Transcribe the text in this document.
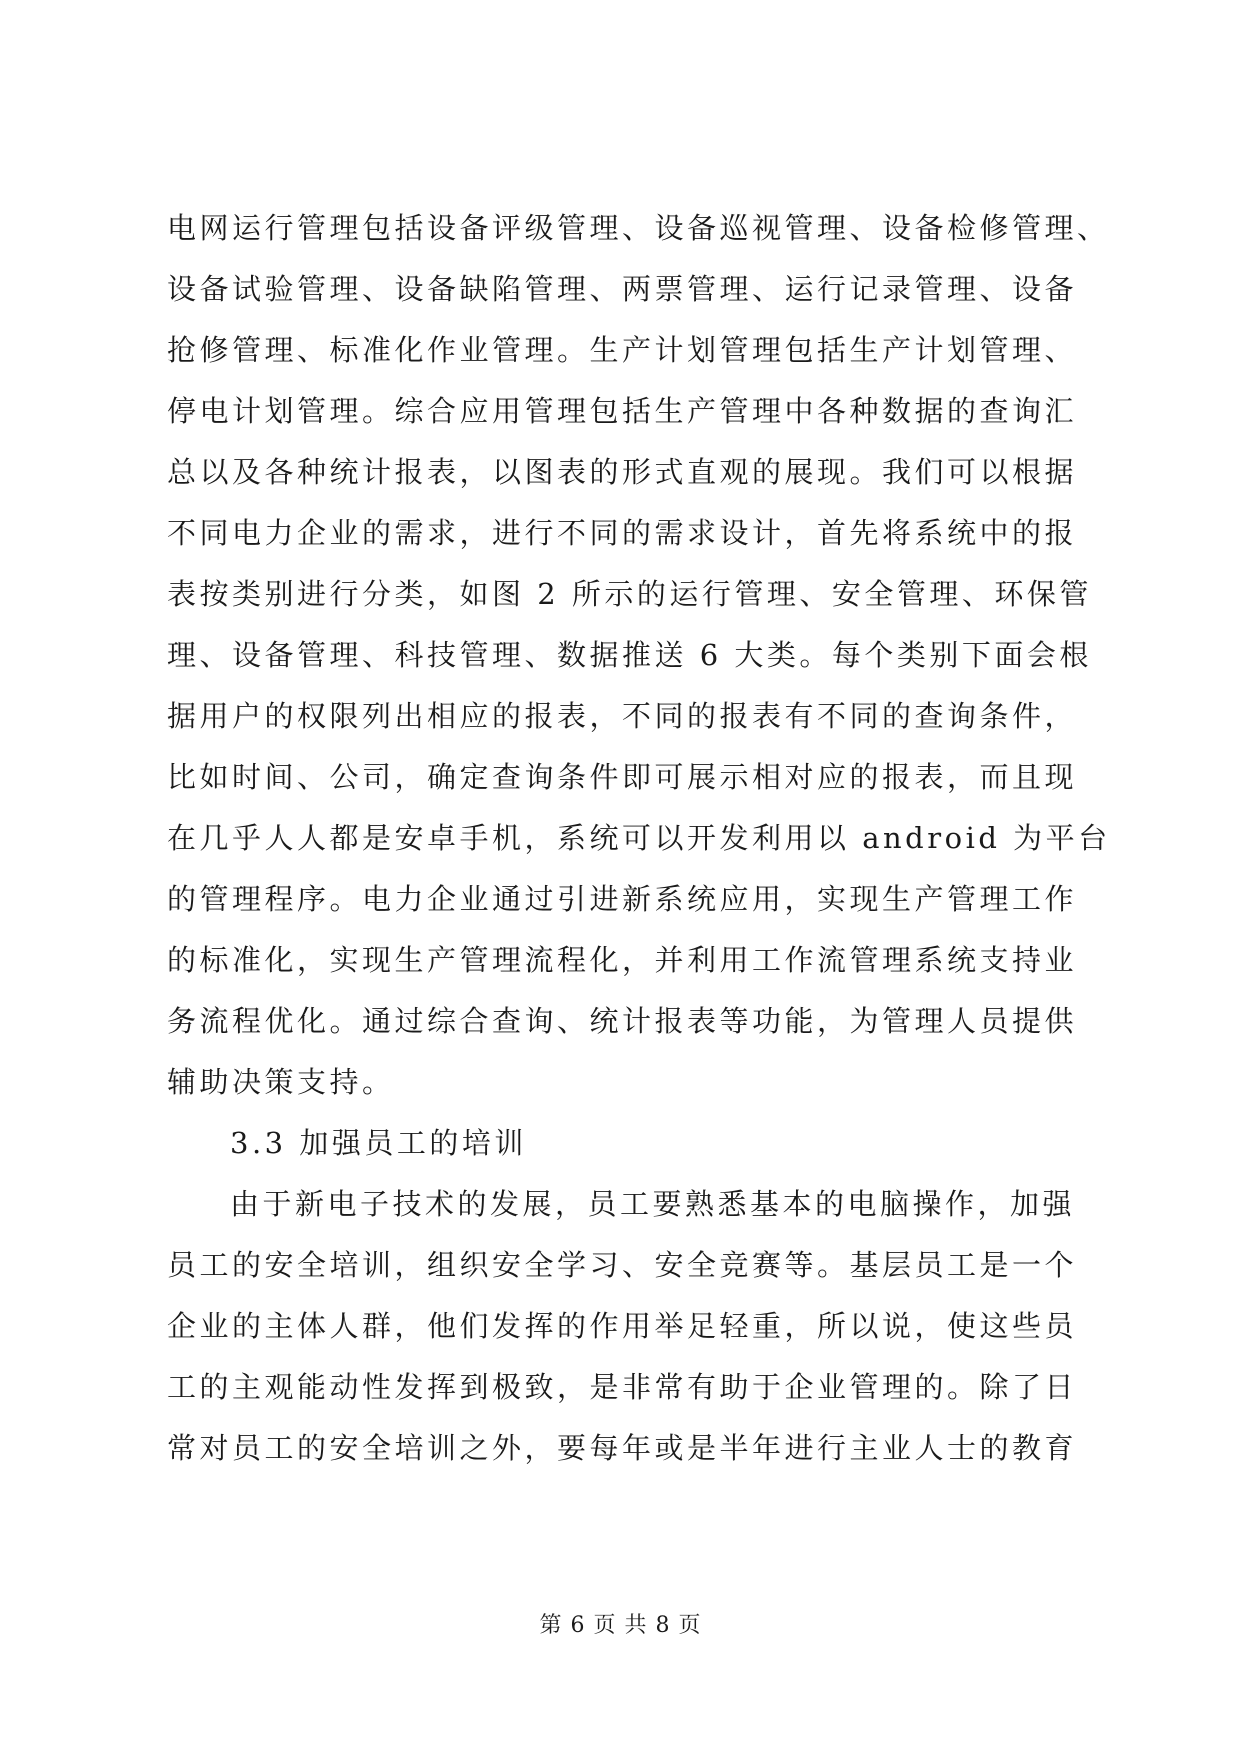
电网运行管理包括设备评级管理、设备巡视管理、设备检修管理、
设备试验管理、设备缺陷管理、两票管理、运行记录管理、设备
抢修管理、标准化作业管理。生产计划管理包括生产计划管理、
停电计划管理。综合应用管理包括生产管理中各种数据的查询汇
总以及各种统计报表，以图表的形式直观的展现。我们可以根据
不同电力企业的需求，进行不同的需求设计，首先将系统中的报
表按类别进行分类，如图 2 所示的运行管理、安全管理、环保管
理、设备管理、科技管理、数据推送 6 大类。每个类别下面会根
据用户的权限列出相应的报表，不同的报表有不同的查询条件，
比如时间、公司，确定查询条件即可展示相对应的报表，而且现
在几乎人人都是安卓手机，系统可以开发利用以 android 为平台
的管理程序。电力企业通过引进新系统应用，实现生产管理工作
的标准化，实现生产管理流程化，并利用工作流管理系统支持业
务流程优化。通过综合查询、统计报表等功能，为管理人员提供
辅助决策支持。
3.3 加强员工的培训
由于新电子技术的发展，员工要熟悉基本的电脑操作，加强
员工的安全培训，组织安全学习、安全竞赛等。基层员工是一个
企业的主体人群，他们发挥的作用举足轻重，所以说，使这些员
工的主观能动性发挥到极致，是非常有助于企业管理的。除了日
常对员工的安全培训之外，要每年或是半年进行主业人士的教育
第 6 页 共 8 页
